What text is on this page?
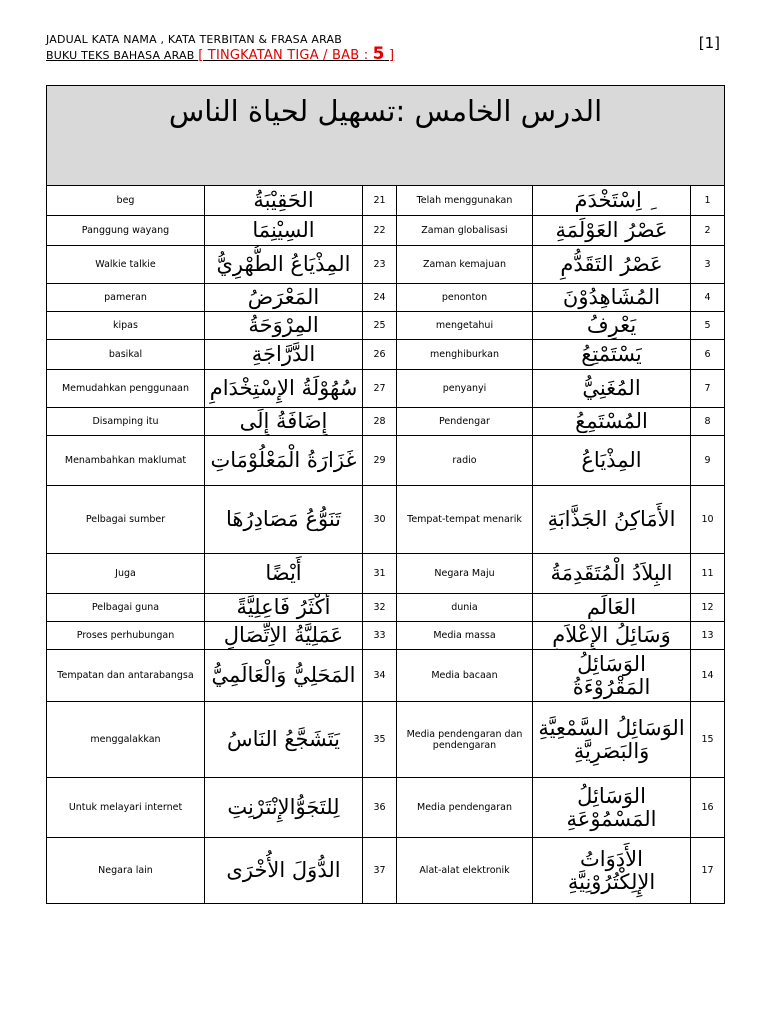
JADUAL KATA NAMA , KATA TERBITAN & FRASA ARAB
BUKU TEKS BAHASA ARAB [ TINGKATAN TIGA / BAB : 5 ]
[1]
الدرس الخامس :تسهيل لحياة الناس					
beg	الحَقِيْبَةُ	21	Telah menggunakan	ِ اِسْتَخْدَمَ	1
Panggung wayang	السِيْنِمَا	22	Zaman globalisasi	عَصْرُ العَوْلَمَةِ	2
Walkie talkie	المِذْيَاعُ الطُّهْرِيُّ	23	Zaman kemajuan	عَصْرُ التَقَدُّمِ	3
pameran	المَعْرَضُ	24	penonton	المُشَاهِدُوْنَ	4
kipas	المِرْوَحَةُ	25	mengetahui	يَعْرِفُ	5
basikal	الدَّرَّاجَةِ	26	menghiburkan	يَسْتَمْتِعُ	6
Memudahkan penggunaan	سُهُوْلَةُ الإِسْتِخْدَامِ	27	penyanyi	المُغَنِيُّ	7
Disamping itu	إِضَافَةُ إِلَى	28	Pendengar	المُسْتَمِعُ	8
Menambahkan maklumat	غَزَارَةُ الْمَعْلُوْمَاتِ	29	radio	المِذْيَاعُ	9
Pelbagai sumber	تَنَوُّعُ مَصَادِرُهَا	30	Tempat-tempat menarik	الأَمَاكِنُ الجَذَّابَةِ	10
Juga	أَيْضًا	31	Negara Maju	البِلاَدُ الْمُتَقَدِمَةُ	11
Pelbagai guna	أَكْثَرُ فَاعِلِيَّةً	32	dunia	العَالَمِ	12
Proses perhubungan	عَمَلِيَّةُ الاِتِّصَالِ	33	Media massa	وَسَائِلُ الإِعْلاَمِ	13
Tempatan dan antarabangsa	المَحَلِيُّ وَالْعَالَمِيُّ	34	Media bacaan	الوَسَائِلُ المَقْرُوْءَةُ	14
menggalakkan	يَتَشَجَّعُ النَاسُ	35	Media pendengaran dan pendengaran	الوَسَائِلُ السَّمْعِيَّةِ وَالبَصَرِيَّةِ	15
Untuk melayari internet	لِلتَجَوُّالإِنْتَرْنِتِ	36	Media pendengaran	الوَسَائِلُ المَسْمُوْعَةِ	16
Negara lain	الدُّوَلَ الأُخْرَى	37	Alat-alat elektronik	الأَدَوَاتُ الإِلِكْتُرُوْنِيَّةِ	17
